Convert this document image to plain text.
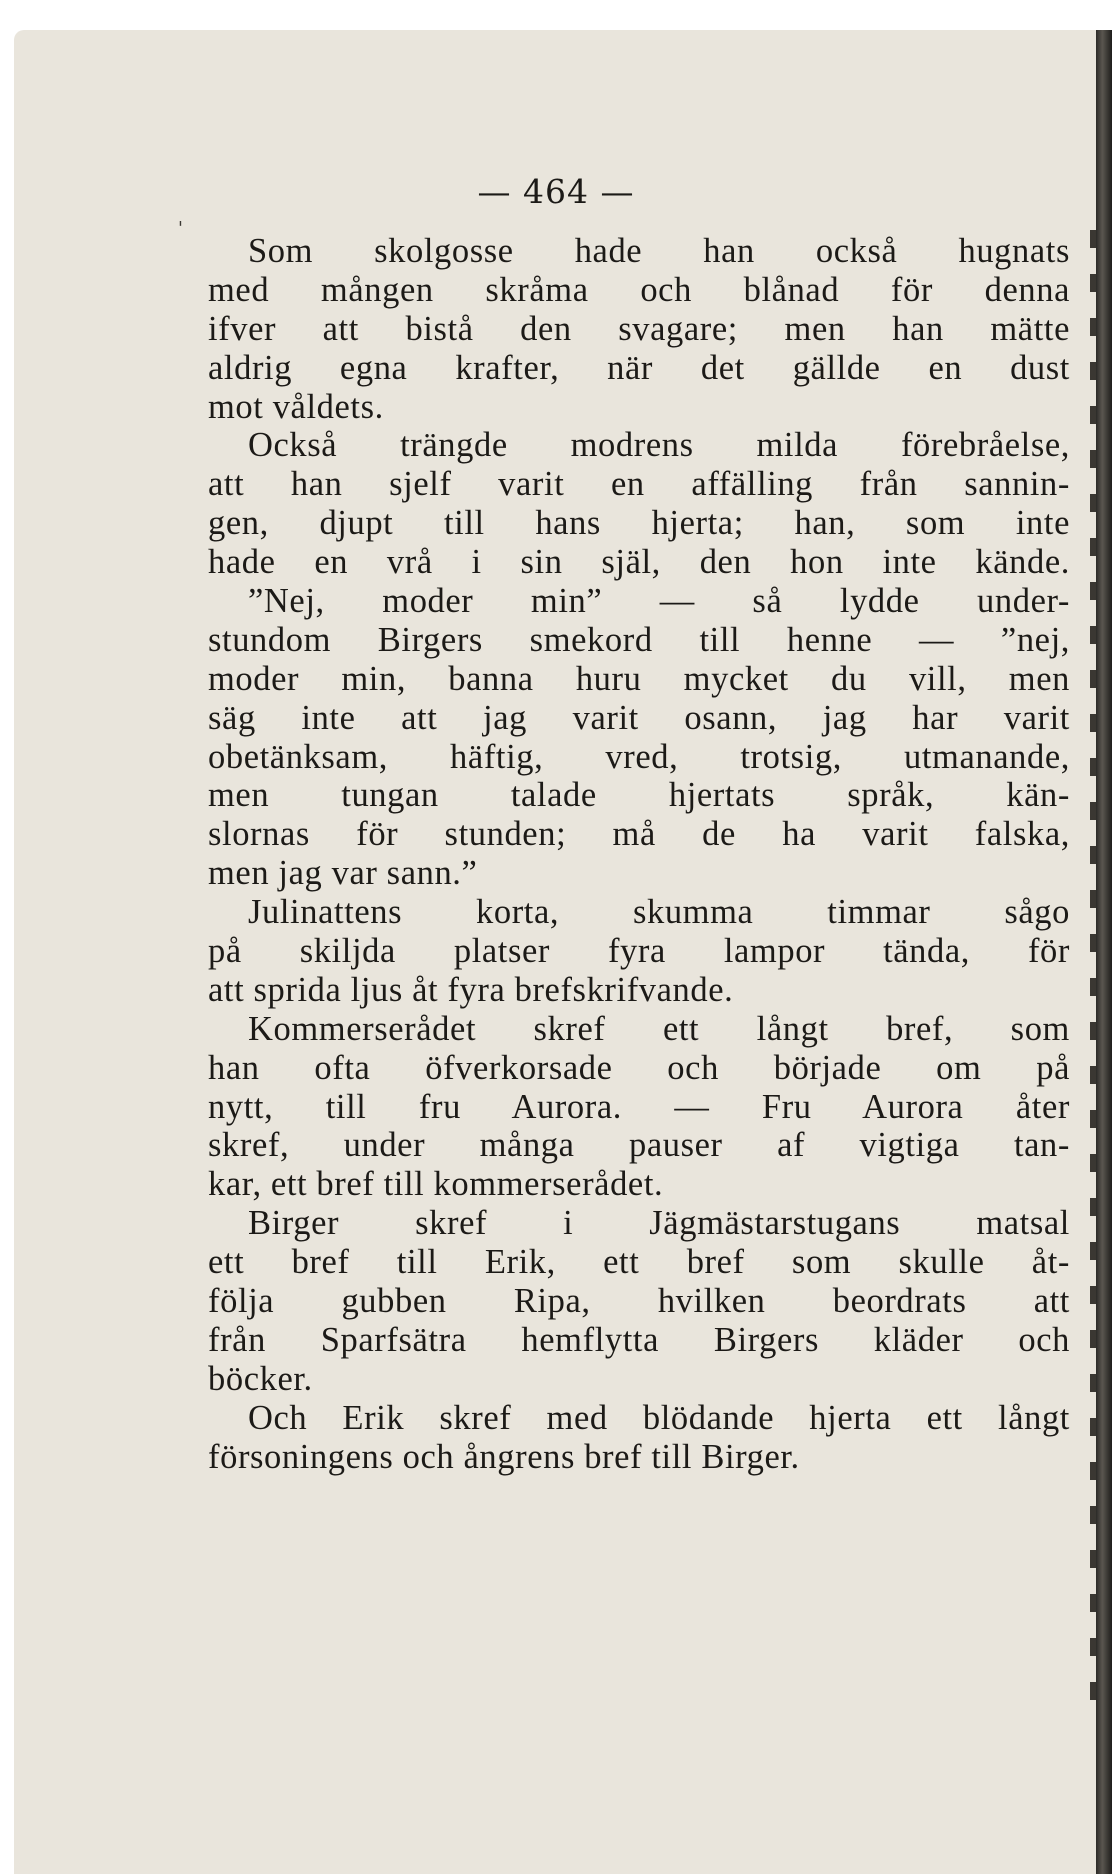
'
— 464 —
Som skolgosse hade han också hugnats
med mången skråma och blånad för denna
ifver att bistå den svagare; men han mätte
aldrig egna krafter, när det gällde en dust
mot våldets.
Också trängde modrens milda förebråelse,
att han sjelf varit en affälling från sannin-
gen, djupt till hans hjerta; han, som inte
hade en vrå i sin själ, den hon inte kände.
”Nej, moder min” — så lydde under-
stundom Birgers smekord till henne — ”nej,
moder min, banna huru mycket du vill, men
säg inte att jag varit osann, jag har varit
obetänksam, häftig, vred, trotsig, utmanande,
men tungan talade hjertats språk, kän-
slornas för stunden; må de ha varit falska,
men jag var sann.”
Julinattens korta, skumma timmar sågo
på skiljda platser fyra lampor tända, för
att sprida ljus åt fyra brefskrifvande.
Kommerserådet skref ett långt bref, som
han ofta öfverkorsade och började om på
nytt, till fru Aurora. — Fru Aurora åter
skref, under många pauser af vigtiga tan-
kar, ett bref till kommerserådet.
Birger skref i Jägmästarstugans matsal
ett bref till Erik, ett bref som skulle åt-
följa gubben Ripa, hvilken beordrats att
från Sparfsätra hemflytta Birgers kläder och
böcker.
Och Erik skref med blödande hjerta ett långt
försoningens och ångrens bref till Birger.
